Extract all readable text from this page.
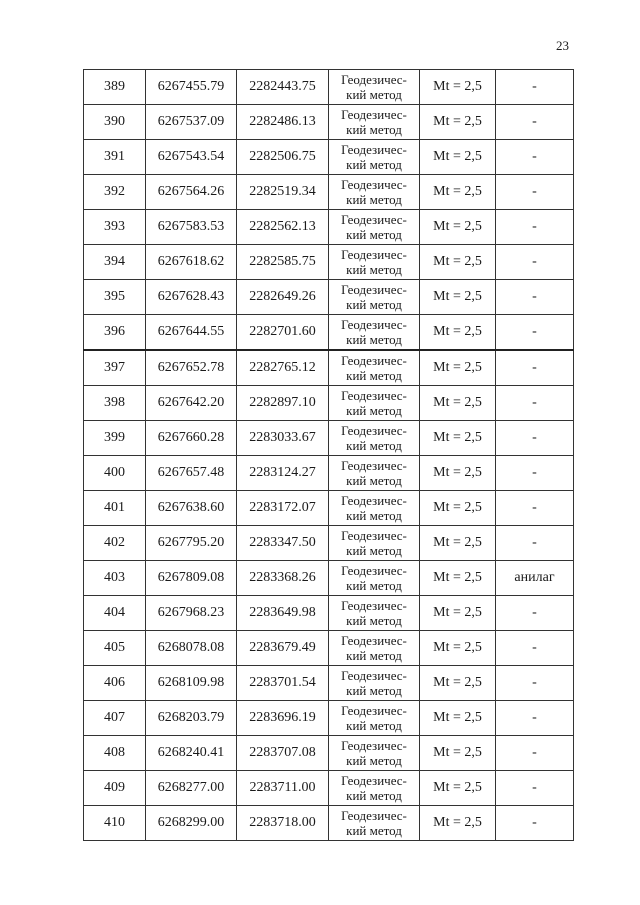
23
389	6267455.79	2282443.75	Геодезичес-
кий метод	Mt = 2,5	-
390	6267537.09	2282486.13	Геодезичес-
кий метод	Mt = 2,5	-
391	6267543.54	2282506.75	Геодезичес-
кий метод	Mt = 2,5	-
392	6267564.26	2282519.34	Геодезичес-
кий метод	Mt = 2,5	-
393	6267583.53	2282562.13	Геодезичес-
кий метод	Mt = 2,5	-
394	6267618.62	2282585.75	Геодезичес-
кий метод	Mt = 2,5	-
395	6267628.43	2282649.26	Геодезичес-
кий метод	Mt = 2,5	-
396	6267644.55	2282701.60	Геодезичес-
кий метод	Mt = 2,5	-
397	6267652.78	2282765.12	Геодезичес-
кий метод	Mt = 2,5	-
398	6267642.20	2282897.10	Геодезичес-
кий метод	Mt = 2,5	-
399	6267660.28	2283033.67	Геодезичес-
кий метод	Mt = 2,5	-
400	6267657.48	2283124.27	Геодезичес-
кий метод	Mt = 2,5	-
401	6267638.60	2283172.07	Геодезичес-
кий метод	Mt = 2,5	-
402	6267795.20	2283347.50	Геодезичес-
кий метод	Mt = 2,5	-
403	6267809.08	2283368.26	Геодезичес-
кий метод	Mt = 2,5	анилаг
404	6267968.23	2283649.98	Геодезичес-
кий метод	Mt = 2,5	-
405	6268078.08	2283679.49	Геодезичес-
кий метод	Mt = 2,5	-
406	6268109.98	2283701.54	Геодезичес-
кий метод	Mt = 2,5	-
407	6268203.79	2283696.19	Геодезичес-
кий метод	Mt = 2,5	-
408	6268240.41	2283707.08	Геодезичес-
кий метод	Mt = 2,5	-
409	6268277.00	2283711.00	Геодезичес-
кий метод	Mt = 2,5	-
410	6268299.00	2283718.00	Геодезичес-
кий метод	Mt = 2,5	-
